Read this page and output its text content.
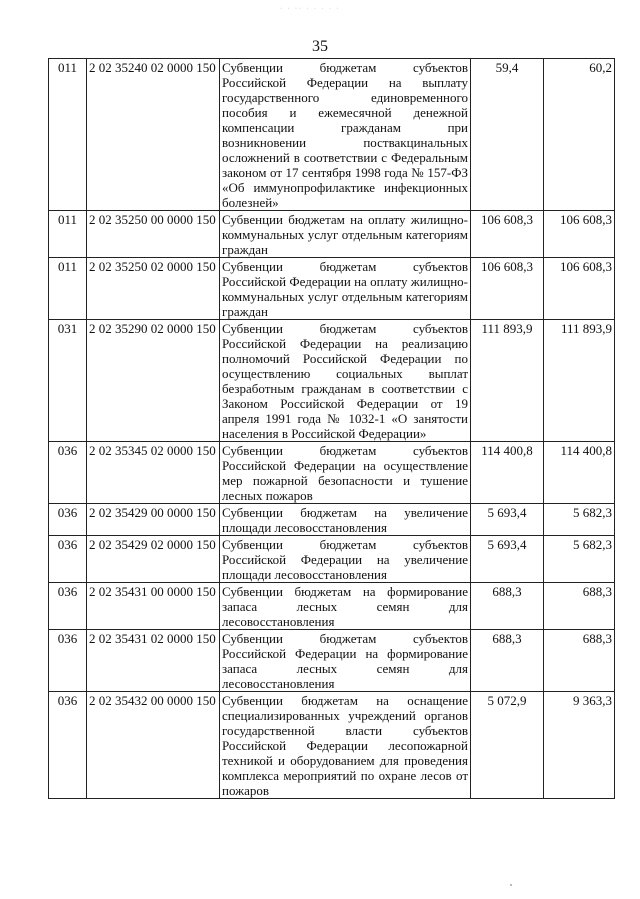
· · ·· · · · · ·
35
011	2 02 35240 02 0000 150	Субвенции бюджетам субъектов Российской Федерации на выплату государственного единовременного пособия и ежемесячной денежной компенсации гражданам при возникновении поствакцинальных осложнений в соответствии с Федеральным законом от 17 сентября 1998 года № 157-ФЗ «Об иммунопрофилактике инфекционных болезней»	59,4	60,2
011	2 02 35250 00 0000 150	Субвенции бюджетам на оплату жилищно-коммунальных услуг отдельным категориям граждан	106 608,3	106 608,3
011	2 02 35250 02 0000 150	Субвенции бюджетам субъектов Российской Федерации на оплату жилищно-коммунальных услуг отдельным категориям граждан	106 608,3	106 608,3
031	2 02 35290 02 0000 150	Субвенции бюджетам субъектов Российской Федерации на реализацию полномочий Российской Федерации по осуществлению социальных выплат безработным гражданам в соответствии с Законом Российской Федерации от 19 апреля 1991 года № 1032-1 «О занятости населения в Российской Федерации»	111 893,9	111 893,9
036	2 02 35345 02 0000 150	Субвенции бюджетам субъектов Российской Федерации на осуществление мер пожарной безопасности и тушение лесных пожаров	114 400,8	114 400,8
036	2 02 35429 00 0000 150	Субвенции бюджетам на увеличение площади лесовосстановления	5 693,4	5 682,3
036	2 02 35429 02 0000 150	Субвенции бюджетам субъектов Российской Федерации на увеличение площади лесовосстановления	5 693,4	5 682,3
036	2 02 35431 00 0000 150	Субвенции бюджетам на формирование запаса лесных семян для лесовосстановления	688,3	688,3
036	2 02 35431 02 0000 150	Субвенции бюджетам субъектов Российской Федерации на формирование запаса лесных семян для лесовосстановления	688,3	688,3
036	2 02 35432 00 0000 150	Субвенции бюджетам на оснащение специализированных учреждений органов государственной власти субъектов Российской Федерации лесопожарной техникой и оборудованием для проведения комплекса мероприятий по охране лесов от пожаров	5 072,9	9 363,3
